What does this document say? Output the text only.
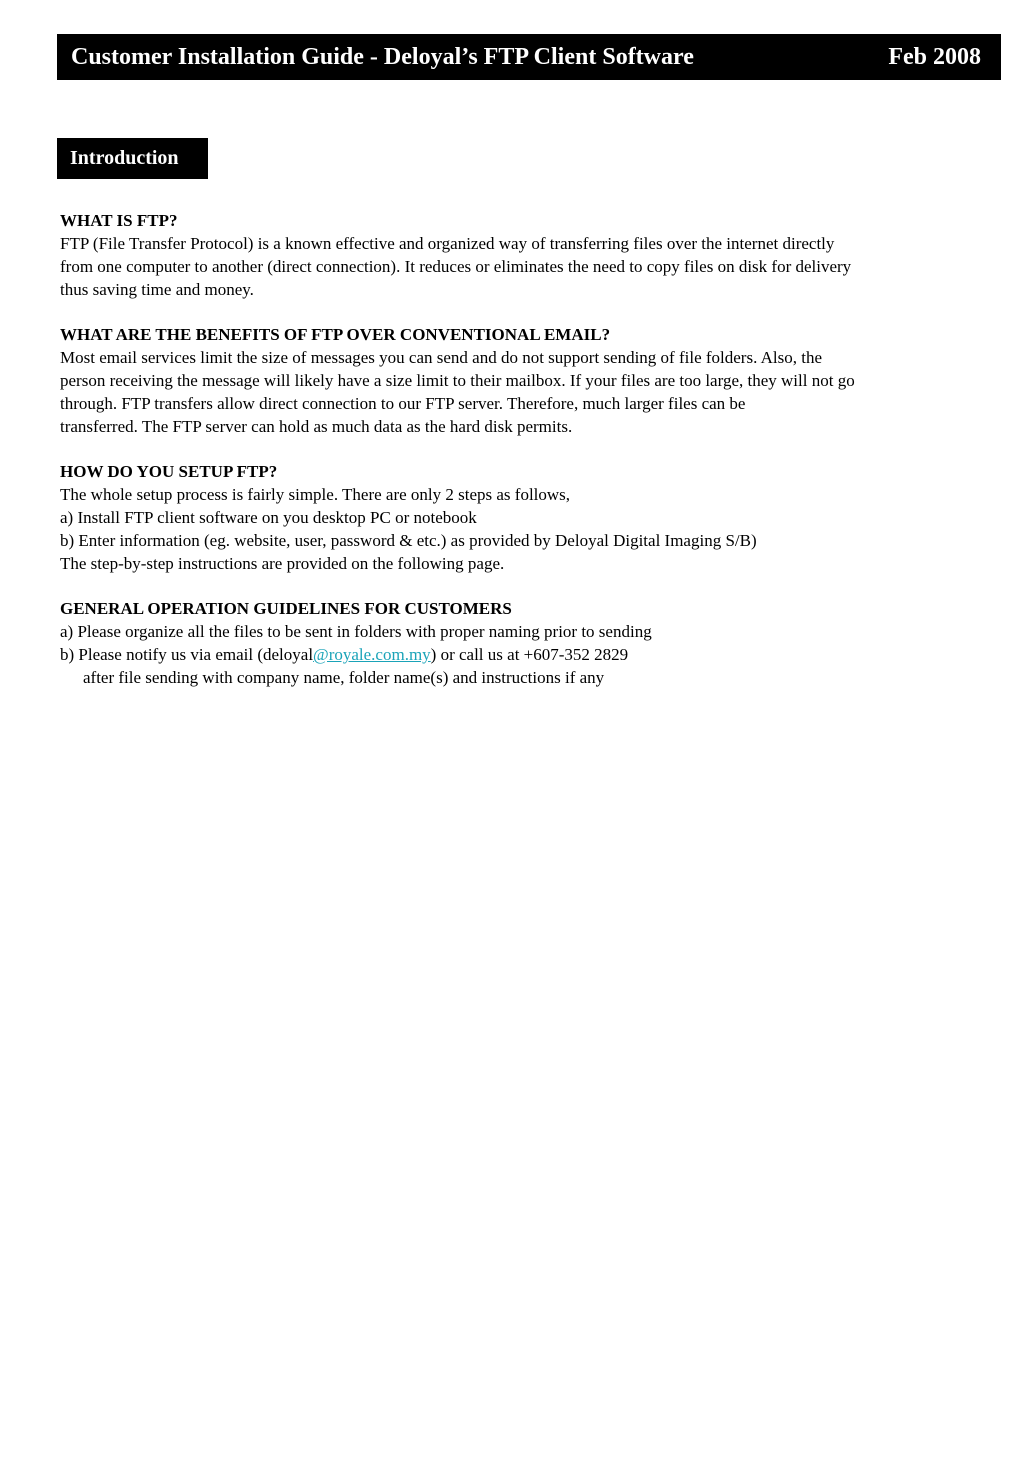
Customer Installation Guide - Deloyal’s FTP Client Software	Feb 2008
Introduction

WHAT IS FTP?

FTP (File Transfer Protocol) is a known effective and organized way of transferring files over the internet directly

from one computer to another (direct connection). It reduces or eliminates the need to copy files on disk for delivery

thus saving time and money.

WHAT ARE THE BENEFITS OF FTP OVER CONVENTIONAL EMAIL?

Most email services limit the size of messages you can send and do not support sending of file folders. Also, the

person receiving the message will likely have a size limit to their mailbox. If your files are too large, they will not go

through. FTP transfers allow direct connection to our FTP server. Therefore, much larger files can be

transferred. The FTP server can hold as much data as the hard disk permits.

HOW DO YOU SETUP FTP?

The whole setup process is fairly simple. There are only 2 steps as follows,

a) Install FTP client software on you desktop PC or notebook

b) Enter information (eg. website, user, password & etc.) as provided by Deloyal Digital Imaging S/B)

The step-by-step instructions are provided on the following page.

GENERAL OPERATION GUIDELINES FOR CUSTOMERS

a) Please organize all the files to be sent in folders with proper naming prior to sending

b) Please notify us via email (deloyal@royale.com.my) or call us at +607-352 2829

after file sending with company name, folder name(s) and instructions if any
